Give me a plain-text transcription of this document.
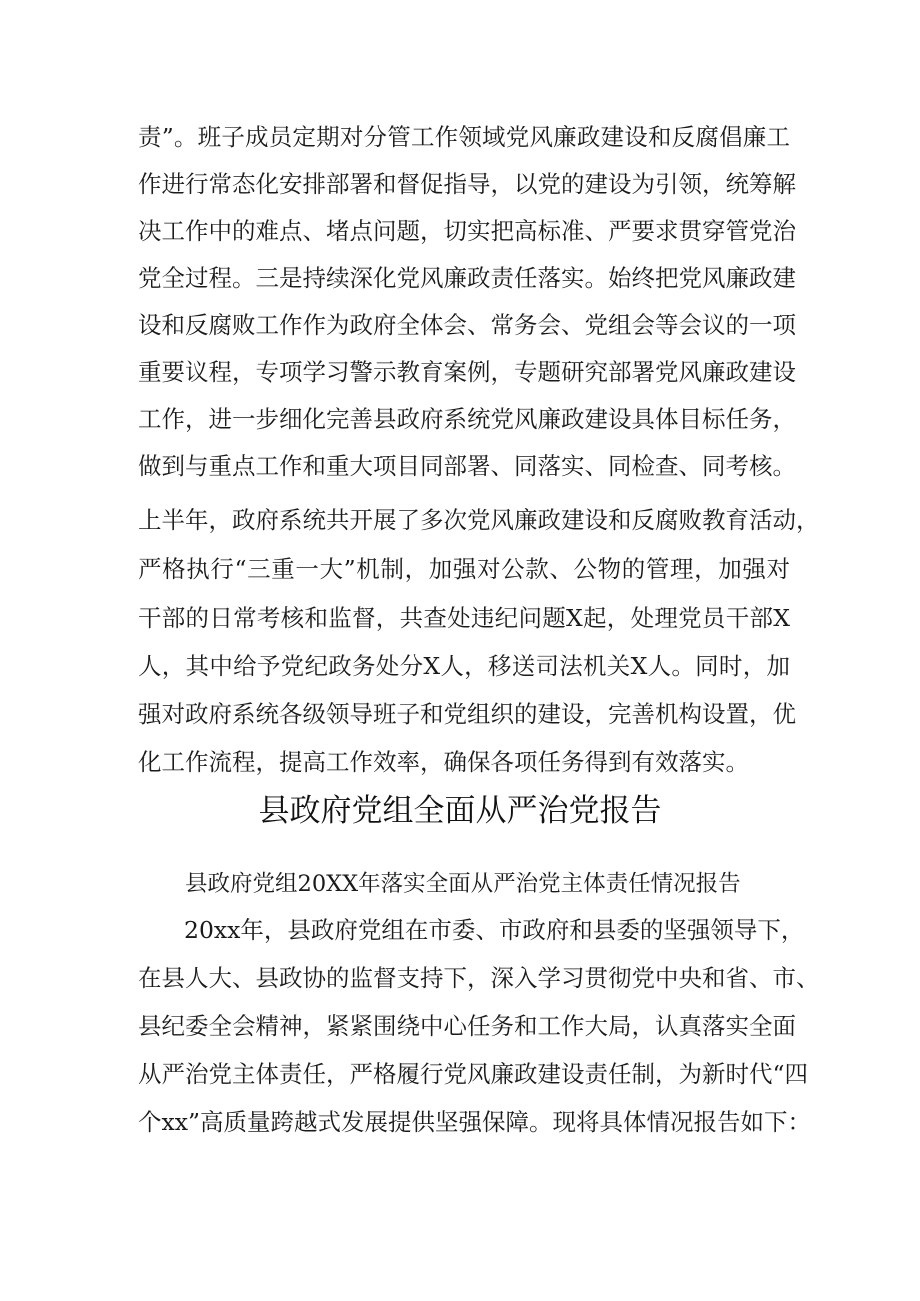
责”。班子成员定期对分管工作领域党风廉政建设和反腐倡廉工
作进行常态化安排部署和督促指导，以党的建设为引领，统筹解
决工作中的难点、堵点问题，切实把高标准、严要求贯穿管党治
党全过程。三是持续深化党风廉政责任落实。始终把党风廉政建
设和反腐败工作作为政府全体会、常务会、党组会等会议的一项
重要议程，专项学习警示教育案例，专题研究部署党风廉政建设
工作，进一步细化完善县政府系统党风廉政建设具体目标任务，
做到与重点工作和重大项目同部署、同落实、同检查、同考核。
上半年，政府系统共开展了多次党风廉政建设和反腐败教育活动，
严格执行“三重一大”机制，加强对公款、公物的管理，加强对
干部的日常考核和监督，共查处违纪问题X起，处理党员干部X
人，其中给予党纪政务处分X人，移送司法机关X人。同时，加
强对政府系统各级领导班子和党组织的建设，完善机构设置，优
化工作流程，提高工作效率，确保各项任务得到有效落实。
县政府党组全面从严治党报告
县政府党组20XX年落实全面从严治党主体责任情况报告
20xx年，县政府党组在市委、市政府和县委的坚强领导下，
在县人大、县政协的监督支持下，深入学习贯彻党中央和省、市、
县纪委全会精神，紧紧围绕中心任务和工作大局，认真落实全面
从严治党主体责任，严格履行党风廉政建设责任制，为新时代“四
个xx”高质量跨越式发展提供坚强保障。现将具体情况报告如下：
